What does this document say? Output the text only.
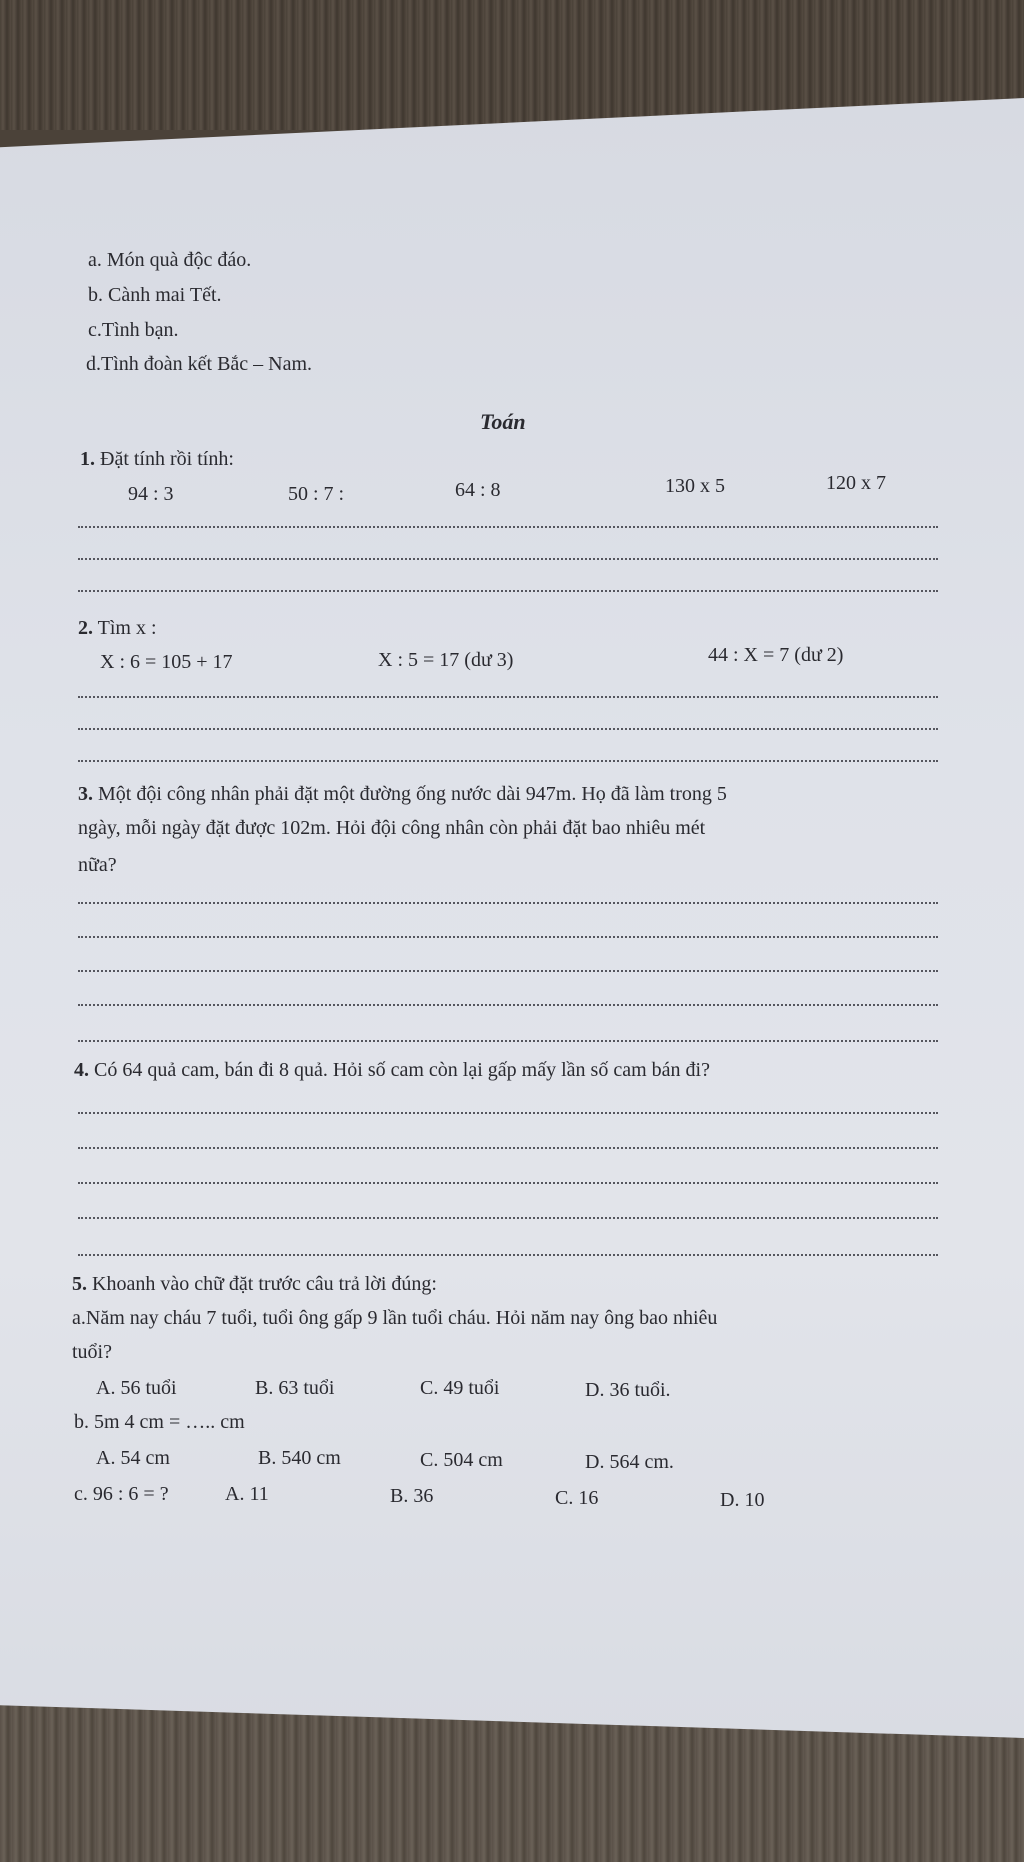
a. Món quà độc đáo.
b. Cành mai Tết.
c.Tình bạn.
d.Tình đoàn kết Bắc – Nam.
Toán
1. Đặt tính rồi tính:
94 : 3	50 : 7 :	64 : 8	130 x 5	120 x 7
2. Tìm x :
X : 6 = 105 + 17	X : 5 = 17 (dư 3)	44 : X = 7 (dư 2)
3. Một đội công nhân phải đặt một đường ống nước dài 947m. Họ đã làm trong 5
ngày, mỗi ngày đặt được 102m. Hỏi đội công nhân còn phải đặt bao nhiêu mét
nữa?
4. Có 64 quả cam, bán đi 8 quả. Hỏi số cam còn lại gấp mấy lần số cam bán đi?
5. Khoanh vào chữ đặt trước câu trả lời đúng:
a.Năm nay cháu 7 tuổi, tuổi ông gấp 9 lần tuổi cháu. Hỏi năm nay ông bao nhiêu
tuổi?
A. 56 tuổi	B. 63 tuổi	C. 49 tuổi	D. 36 tuổi.
b. 5m 4 cm = ….. cm
A. 54 cm	B. 540 cm	C. 504 cm	D. 564 cm.
c. 96 : 6 = ?	A. 11	B. 36	C. 16	D. 10
